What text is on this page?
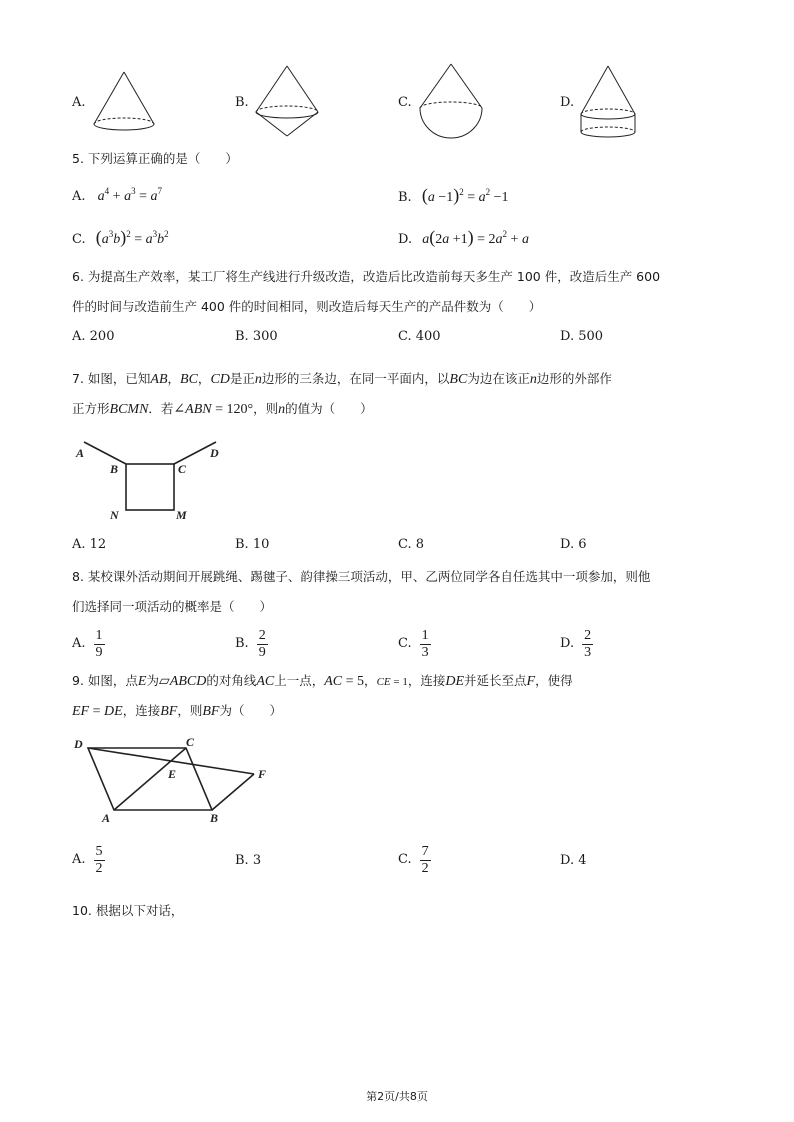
A.	B.	C.	D.
5. 下列运算正确的是（　　）
A. $a^4 + a^3 = a^7$	B. $(a -1)^2 = a^2 -1$
C. $(a^3b)^2 = a^3b^2$	D. $a(2a +1) = 2a^2 + a$
6. 为提高生产效率，某工厂将生产线进行升级改造，改造后比改造前每天多生产 100 件，改造后生产 600
件的时间与改造前生产 400 件的时间相同，则改造后每天生产的产品件数为（　　）
A. 200	B. 300	C. 400	D. 500
7. 如图，已知AB，BC，CD是正n边形的三条边，在同一平面内，以BC为边在该正n边形的外部作
正方形BCMN．若∠ABN = 120°，则n的值为（　　）
A
B	C
D
N	M
A. 12	B. 10	C. 8	D. 6
8. 某校课外活动期间开展跳绳、踢毽子、韵律操三项活动，甲、乙两位同学各自任选其中一项参加，则他
们选择同一项活动的概率是（　　）
A. $\frac{1}{9}$	B. $\frac{2}{9}$	C. $\frac{1}{3}$	D. $\frac{2}{3}$
9. 如图，点E为▱ABCD的对角线AC上一点，AC = 5，CE = 1，连接DE并延长至点F，使得
EF = DE，连接BF，则BF为（　　）
D	C
E	F
A	B
A. $\frac{5}{2}$	B. 3	C. $\frac{7}{2}$	D. 4
10. 根据以下对话，
第2页/共8页
